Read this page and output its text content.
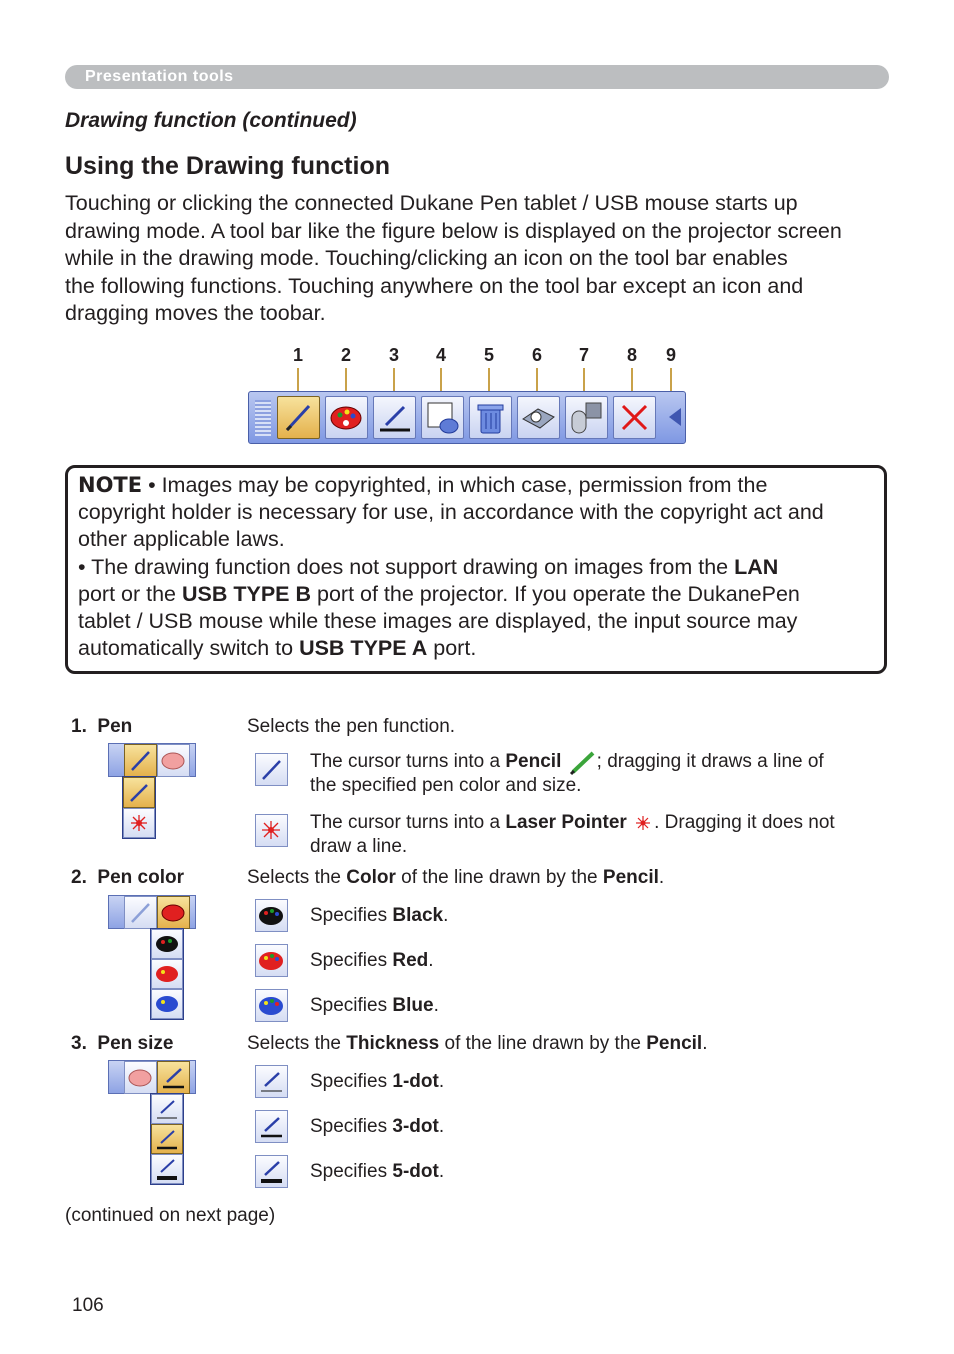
Presentation tools
Drawing function (continued)
Using the Drawing function
Touching or clicking the connected Dukane Pen tablet / USB mouse starts up
drawing mode. A tool bar like the figure below is displayed on the projector screen
while in the drawing mode. Touching/clicking an icon on the tool bar enables
the following functions. Touching anywhere on the tool bar except an icon and
dragging moves the toobar.
1 2 3 4 5 6 7 8 9
NOTE • Images may be copyrighted, in which case, permission from the
copyright holder is necessary for use, in accordance with the copyright act and
other applicable laws.
• The drawing function does not support drawing on images from the LAN
port or the USB TYPE B port of the projector. If you operate the DukanePen
tablet / USB mouse while these images are displayed, the input source may
automatically switch to USB TYPE A port.
1. Pen	Selects the pen function.
The cursor turns into a Pencil ; dragging it draws a line of
the specified pen color and size.
The cursor turns into a Laser Pointer . Dragging it does not
draw a line.
2. Pen color	Selects the Color of the line drawn by the Pencil.
Specifies Black.
Specifies Red.
Specifies Blue.
3. Pen size	Selects the Thickness of the line drawn by the Pencil.
Specifies 1-dot.
Specifies 3-dot.
Specifies 5-dot.
(continued on next page)
106
